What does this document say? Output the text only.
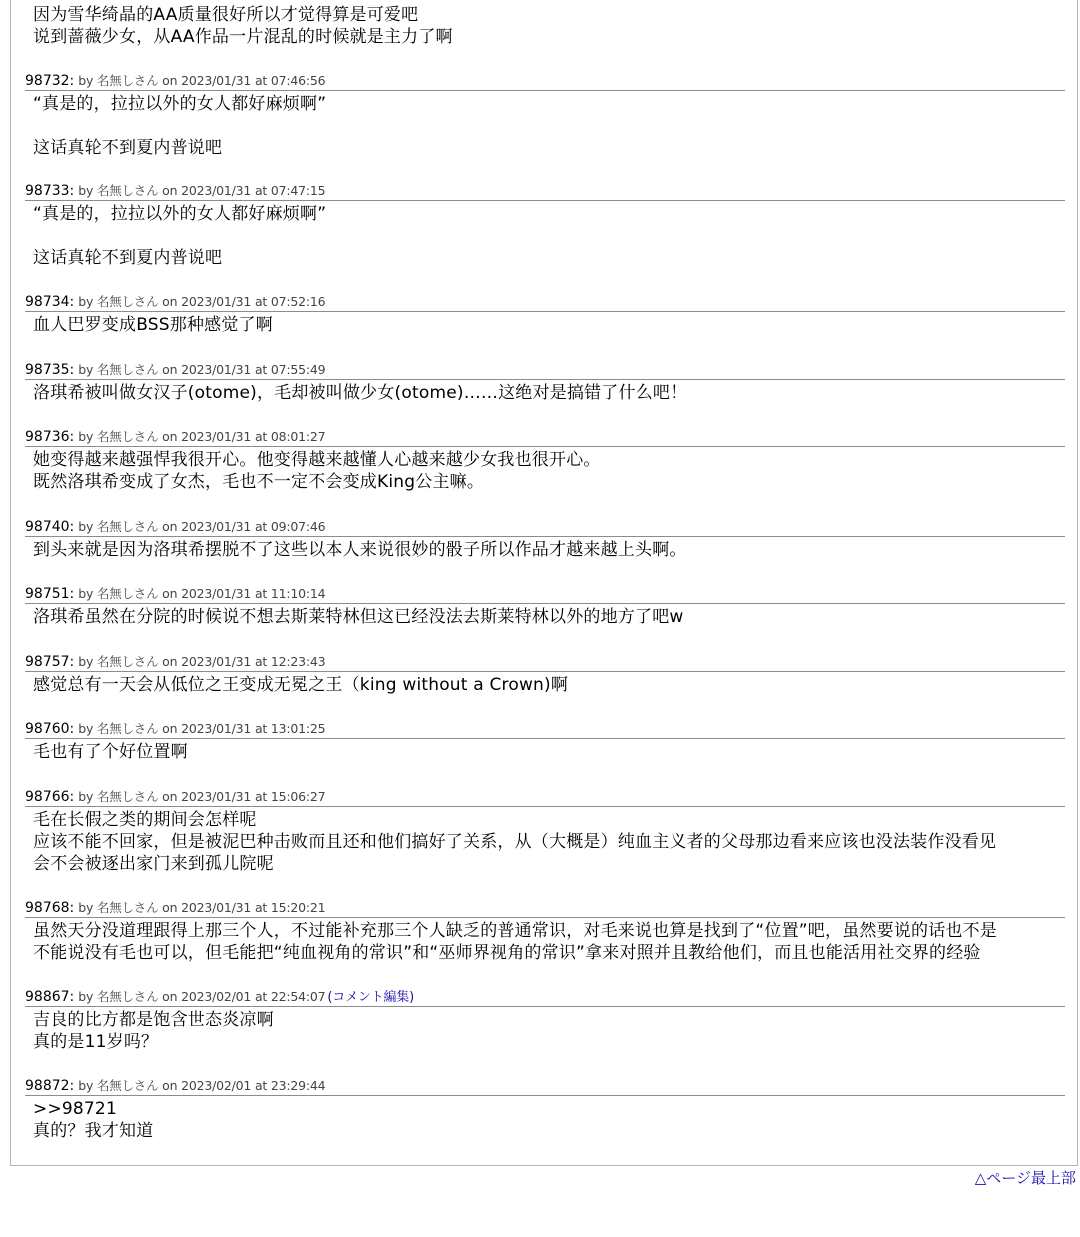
因为雪华绮晶的AA质量很好所以才觉得算是可爱吧
说到蔷薇少女，从AA作品一片混乱的时候就是主力了啊
98732: by 名無しさん on 2023/01/31 at 07:46:56
“真是的，拉拉以外的女人都好麻烦啊”

这话真轮不到夏内普说吧
98733: by 名無しさん on 2023/01/31 at 07:47:15
“真是的，拉拉以外的女人都好麻烦啊”

这话真轮不到夏内普说吧
98734: by 名無しさん on 2023/01/31 at 07:52:16
血人巴罗变成BSS那种感觉了啊
98735: by 名無しさん on 2023/01/31 at 07:55:49
洛琪希被叫做女汉子(otome)，毛却被叫做少女(otome)……这绝对是搞错了什么吧！
98736: by 名無しさん on 2023/01/31 at 08:01:27
她变得越来越强悍我很开心。他变得越来越懂人心越来越少女我也很开心。
既然洛琪希变成了女杰，毛也不一定不会变成King公主嘛。
98740: by 名無しさん on 2023/01/31 at 09:07:46
到头来就是因为洛琪希摆脱不了这些以本人来说很妙的骰子所以作品才越来越上头啊。
98751: by 名無しさん on 2023/01/31 at 11:10:14
洛琪希虽然在分院的时候说不想去斯莱特林但这已经没法去斯莱特林以外的地方了吧w
98757: by 名無しさん on 2023/01/31 at 12:23:43
感觉总有一天会从低位之王变成无冕之王（king without a Crown)啊
98760: by 名無しさん on 2023/01/31 at 13:01:25
毛也有了个好位置啊
98766: by 名無しさん on 2023/01/31 at 15:06:27
毛在长假之类的期间会怎样呢
应该不能不回家，但是被泥巴种击败而且还和他们搞好了关系，从（大概是）纯血主义者的父母那边看来应该也没法装作没看见
会不会被逐出家门来到孤儿院呢
98768: by 名無しさん on 2023/01/31 at 15:20:21
虽然天分没道理跟得上那三个人，不过能补充那三个人缺乏的普通常识，对毛来说也算是找到了“位置”吧，虽然要说的话也不是
不能说没有毛也可以，但毛能把“纯血视角的常识”和“巫师界视角的常识”拿来对照并且教给他们，而且也能活用社交界的经验
98867: by 名無しさん on 2023/02/01 at 22:54:07 (コメント編集)
吉良的比方都是饱含世态炎凉啊
真的是11岁吗？
98872: by 名無しさん on 2023/02/01 at 23:29:44
>>98721
真的？我才知道
△ページ最上部
